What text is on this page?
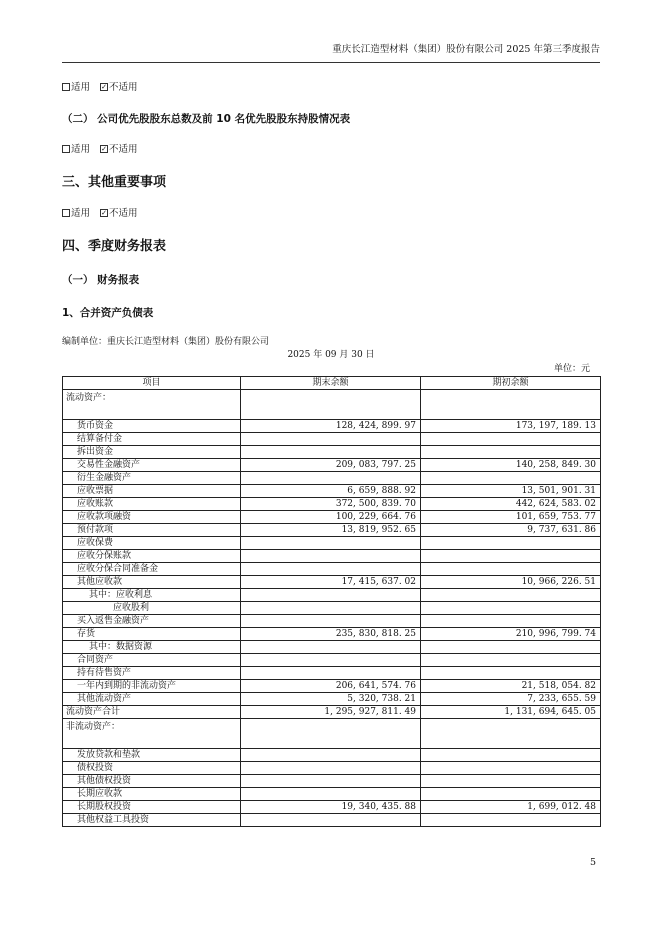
重庆长江造型材料（集团）股份有限公司 2025 年第三季度报告
适用 ✓ 不适用
（二） 公司优先股股东总数及前 10 名优先股股东持股情况表
适用 ✓ 不适用
三、其他重要事项
适用 ✓ 不适用
四、季度财务报表
（一） 财务报表
1、合并资产负债表
编制单位：重庆长江造型材料（集团）股份有限公司
2025 年 09 月 30 日
单位：元
项目	期末余额	期初余额
流动资产：		
货币资金	128, 424, 899. 97	173, 197, 189. 13
结算备付金		
拆出资金		
交易性金融资产	209, 083, 797. 25	140, 258, 849. 30
衍生金融资产		
应收票据	6, 659, 888. 92	13, 501, 901. 31
应收账款	372, 500, 839. 70	442, 624, 583. 02
应收款项融资	100, 229, 664. 76	101, 659, 753. 77
预付款项	13, 819, 952. 65	9, 737, 631. 86
应收保费		
应收分保账款		
应收分保合同准备金		
其他应收款	17, 415, 637. 02	10, 966, 226. 51
其中：应收利息		
应收股利		
买入返售金融资产		
存货	235, 830, 818. 25	210, 996, 799. 74
其中：数据资源		
合同资产		
持有待售资产		
一年内到期的非流动资产	206, 641, 574. 76	21, 518, 054. 82
其他流动资产	5, 320, 738. 21	7, 233, 655. 59
流动资产合计	1, 295, 927, 811. 49	1, 131, 694, 645. 05
非流动资产：		
发放贷款和垫款		
债权投资		
其他债权投资		
长期应收款		
长期股权投资	19, 340, 435. 88	1, 699, 012. 48
其他权益工具投资		
5
